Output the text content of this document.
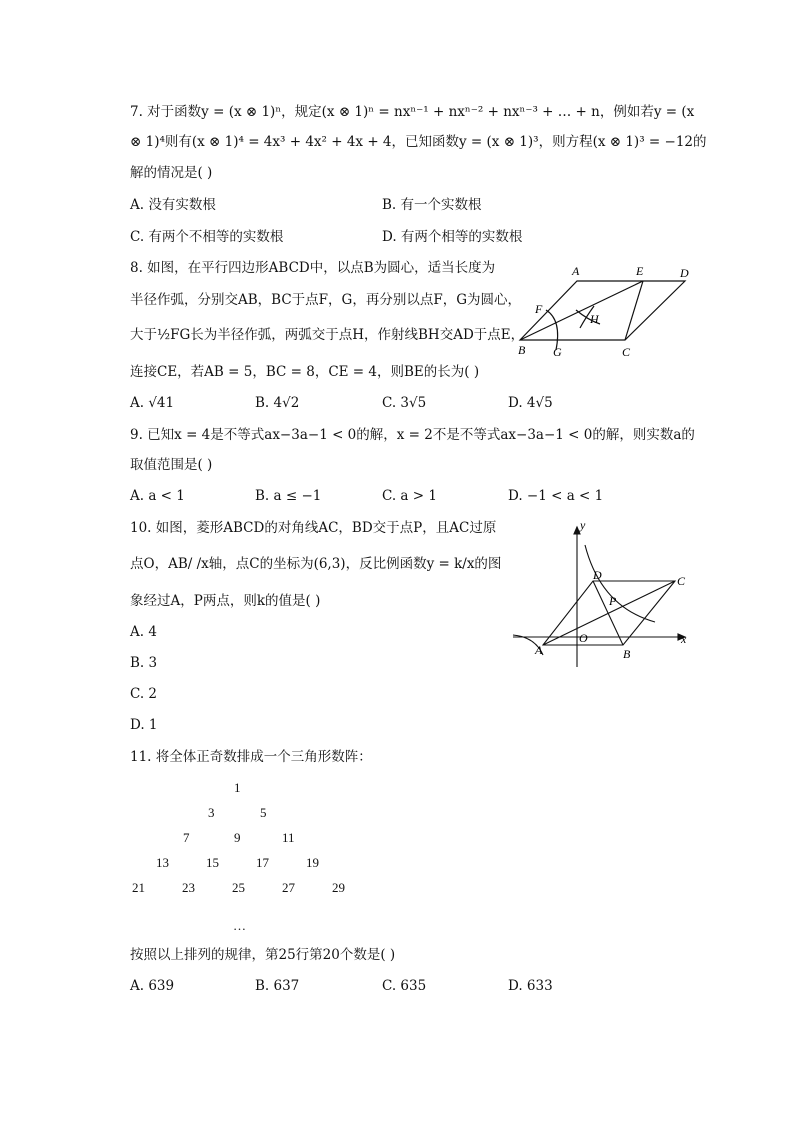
7. 对于函数y = (x ⊗ 1)ⁿ，规定(x ⊗ 1)ⁿ = nxⁿ⁻¹ + nxⁿ⁻² + nxⁿ⁻³ + … + n，例如若y = (x
⊗ 1)⁴则有(x ⊗ 1)⁴ = 4x³ + 4x² + 4x + 4，已知函数y = (x ⊗ 1)³，则方程(x ⊗ 1)³ = −12的
解的情况是( )
A. 没有实数根	B. 有一个实数根
C. 有两个不相等的实数根	D. 有两个相等的实数根
8. 如图，在平行四边形ABCD中，以点B为圆心，适当长度为
半径作弧，分别交AB，BC于点F，G，再分别以点F，G为圆心，
大于½FG长为半径作弧，两弧交于点H，作射线BH交AD于点E，
连接CE，若AB = 5，BC = 8，CE = 4，则BE的长为( )
A. √41	B. 4√2	C. 3√5	D. 4√5
A	E	D
F
H
B G	C
9. 已知x = 4是不等式ax−3a−1 < 0的解，x = 2不是不等式ax−3a−1 < 0的解，则实数a的
取值范围是( )
A. a < 1	B. a ≤ −1	C. a > 1	D. −1 < a < 1
10. 如图，菱形ABCD的对角线AC，BD交于点P，且AC过原
点O，AB/ /x轴，点C的坐标为(6,3)，反比例函数y = k/x的图
象经过A，P两点，则k的值是( )
A. 4
B. 3
C. 2
D. 1
y
x
D	C
P
O
A	B
11. 将全体正奇数排成一个三角形数阵：
1
3	5
7	9	11
13	15	17	19
21	23	25	27	29
…
按照以上排列的规律，第25行第20个数是( )
A. 639	B. 637	C. 635	D. 633
